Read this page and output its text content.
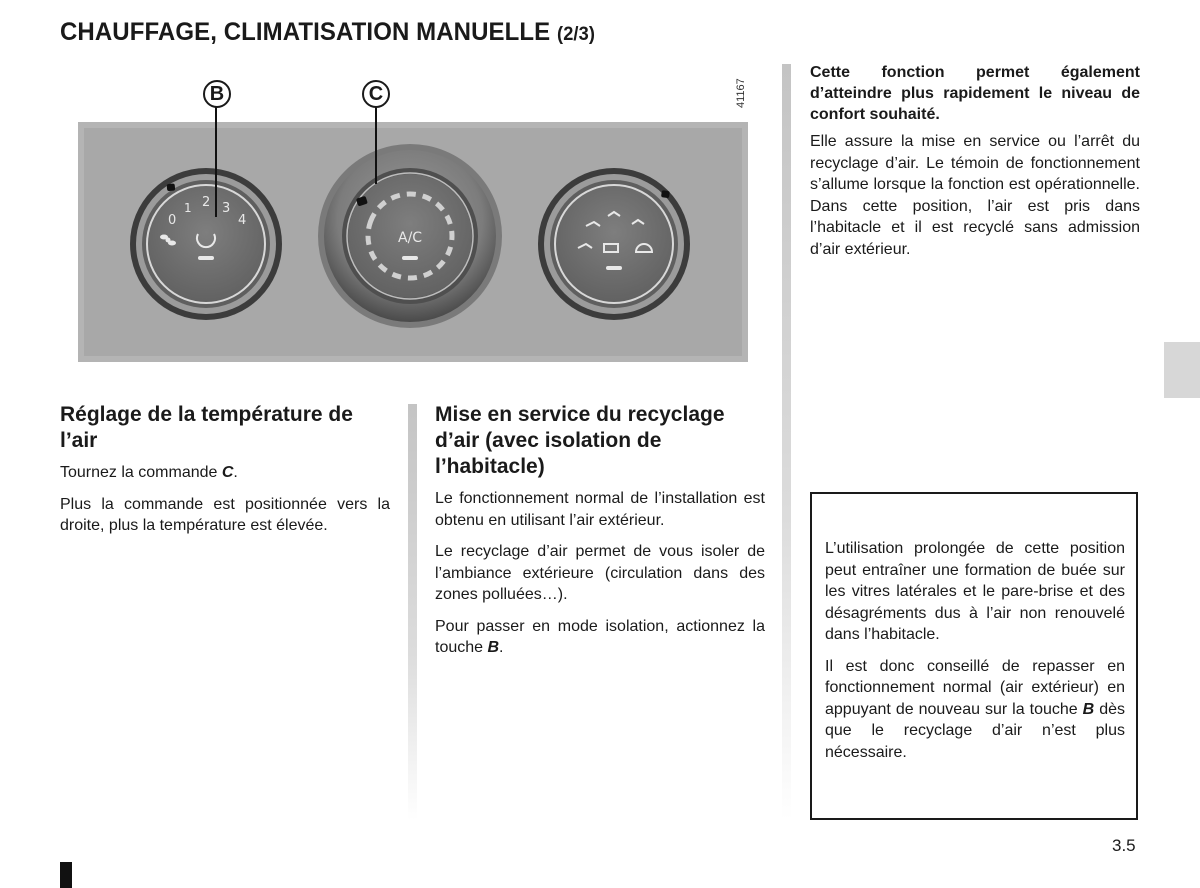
CHAUFFAGE, CLIMATISATION MANUELLE (2/3)
0
1 2 3
4
A/C
41167
B	C
Réglage de la température de l’air

Tournez la commande C.

Plus la commande est positionnée vers la droite, plus la température est élevée.

Mise en service du recyclage d’air (avec isolation de l’habitacle)

Le fonctionnement normal de l’installation est obtenu en utilisant l’air extérieur.

Le recyclage d’air permet de vous isoler de l’ambiance extérieure (circulation dans des zones polluées…).

Pour passer en mode isolation, actionnez la touche B.

Cette fonction permet également d’atteindre plus rapidement le niveau de confort souhaité.

Elle assure la mise en service ou l’arrêt du recyclage d’air. Le témoin de fonctionnement s’allume lorsque la fonction est opérationnelle. Dans cette position, l’air est pris dans l’habitacle et il est recyclé sans admission d’air extérieur.

L’utilisation prolongée de cette position peut entraîner une formation de buée sur les vitres latérales et le pare-brise et des désagréments dus à l’air non renouvelé dans l’habitacle.

Il est donc conseillé de repasser en fonctionnement normal (air extérieur) en appuyant de nouveau sur la touche B dès que le recyclage d’air n’est plus nécessaire.

3.5
